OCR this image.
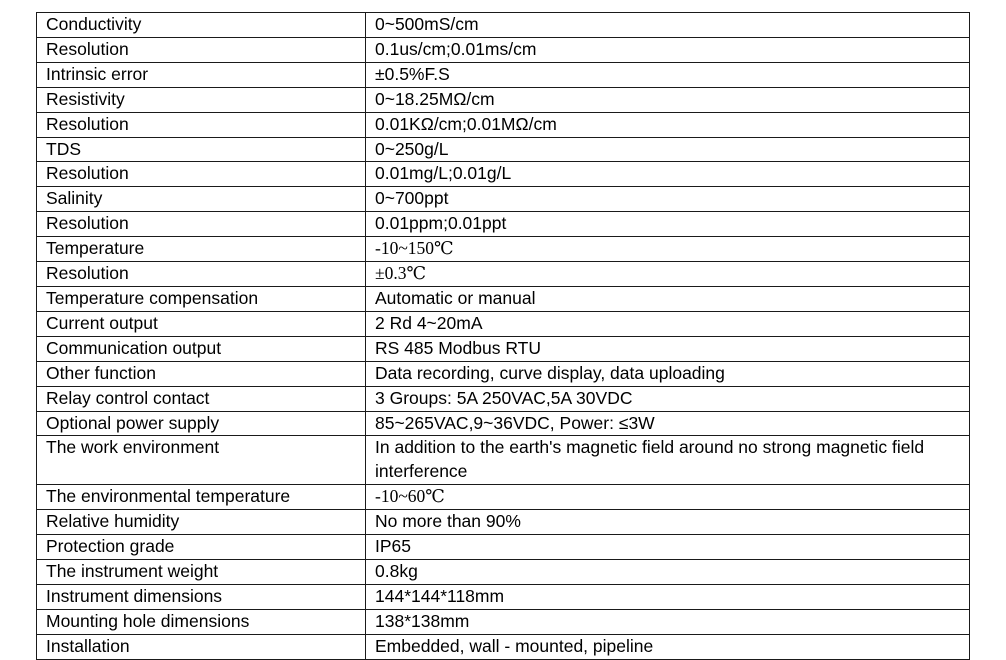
Conductivity	0~500mS/cm
Resolution	0.1us/cm;0.01ms/cm
Intrinsic error	±0.5%F.S
Resistivity	0~18.25MΩ/cm
Resolution	0.01KΩ/cm;0.01MΩ/cm
TDS	0~250g/L
Resolution	0.01mg/L;0.01g/L
Salinity	0~700ppt
Resolution	0.01ppm;0.01ppt
Temperature	-10~150℃
Resolution	±0.3℃
Temperature compensation	Automatic or manual
Current output	2 Rd 4~20mA
Communication output	RS 485 Modbus RTU
Other function	Data recording, curve display, data uploading
Relay control contact	3 Groups: 5A 250VAC,5A 30VDC
Optional power supply	85~265VAC,9~36VDC, Power: ≤3W
The work environment	In addition to the earth's magnetic field around no strong magnetic field interference
The environmental temperature	-10~60℃
Relative humidity	No more than 90%
Protection grade	IP65
The instrument weight	0.8kg
Instrument dimensions	144*144*118mm
Mounting hole dimensions	138*138mm
Installation	Embedded, wall - mounted, pipeline
